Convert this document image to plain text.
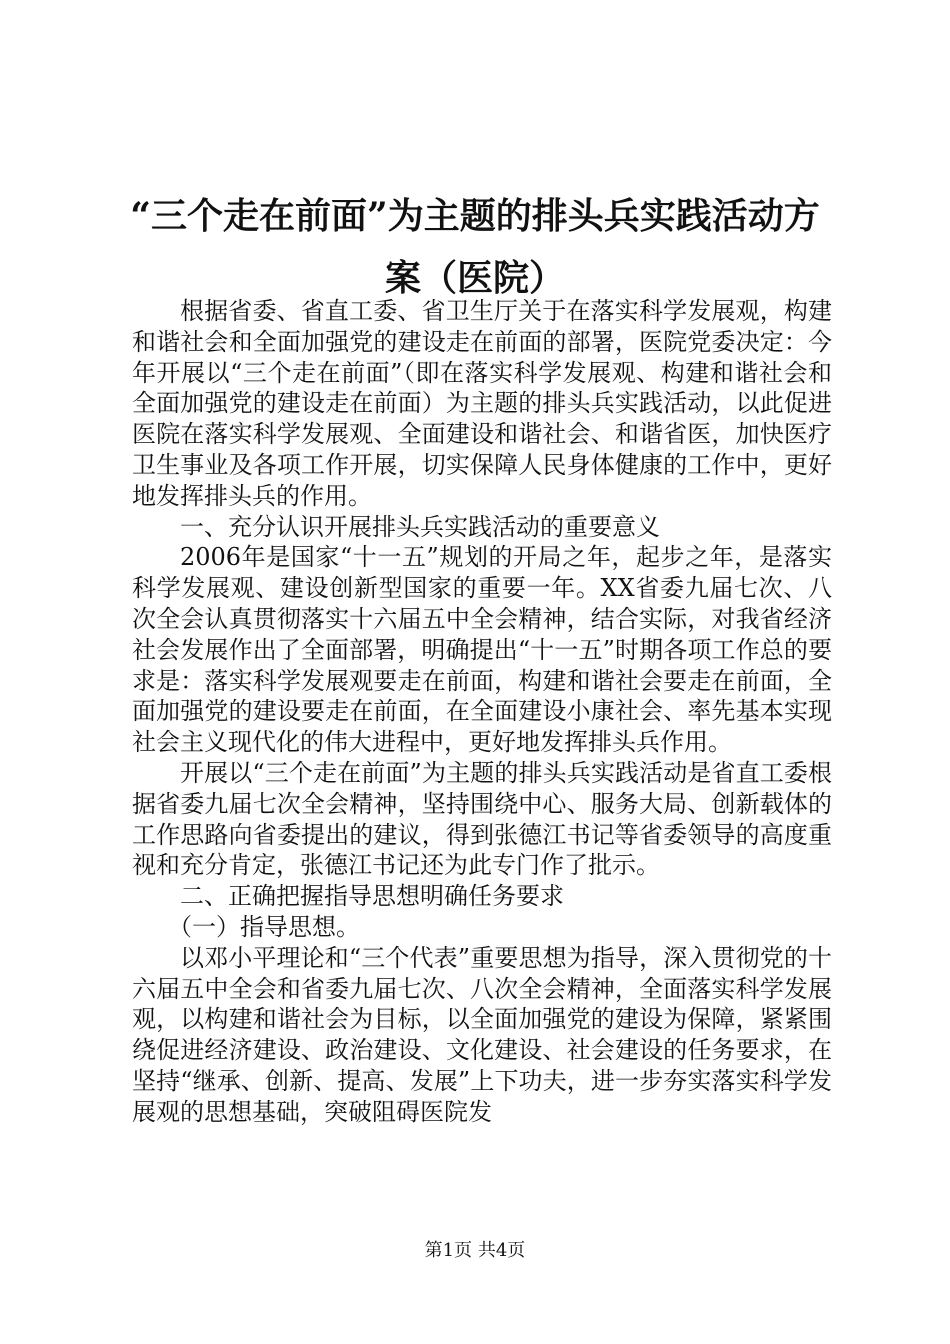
“三个走在前面”为主题的排头兵实践活动方案（医院）

根据省委、省直工委、省卫生厅关于在落实科学发展观，构建和谐社会和全面加强党的建设走在前面的部署，医院党委决定：今年开展以“三个走在前面”（即在落实科学发展观、构建和谐社会和全面加强党的建设走在前面）为主题的排头兵实践活动，以此促进医院在落实科学发展观、全面建设和谐社会、和谐省医，加快医疗卫生事业及各项工作开展，切实保障人民身体健康的工作中，更好地发挥排头兵的作用。

一、充分认识开展排头兵实践活动的重要意义

2006年是国家“十一五”规划的开局之年，起步之年，是落实科学发展观、建设创新型国家的重要一年。XX省委九届七次、八次全会认真贯彻落实十六届五中全会精神，结合实际，对我省经济社会发展作出了全面部署，明确提出“十一五”时期各项工作总的要求是：落实科学发展观要走在前面，构建和谐社会要走在前面，全面加强党的建设要走在前面，在全面建设小康社会、率先基本实现社会主义现代化的伟大进程中，更好地发挥排头兵作用。

开展以“三个走在前面”为主题的排头兵实践活动是省直工委根据省委九届七次全会精神，坚持围绕中心、服务大局、创新载体的工作思路向省委提出的建议，得到张德江书记等省委领导的高度重视和充分肯定，张德江书记还为此专门作了批示。

二、正确把握指导思想明确任务要求

（一）指导思想。

以邓小平理论和“三个代表”重要思想为指导，深入贯彻党的十六届五中全会和省委九届七次、八次全会精神，全面落实科学发展观，以构建和谐社会为目标，以全面加强党的建设为保障，紧紧围绕促进经济建设、政治建设、文化建设、社会建设的任务要求，在坚持“继承、创新、提高、发展”上下功夫，进一步夯实落实科学发展观的思想基础，突破阻碍医院发

第1页 共4页
